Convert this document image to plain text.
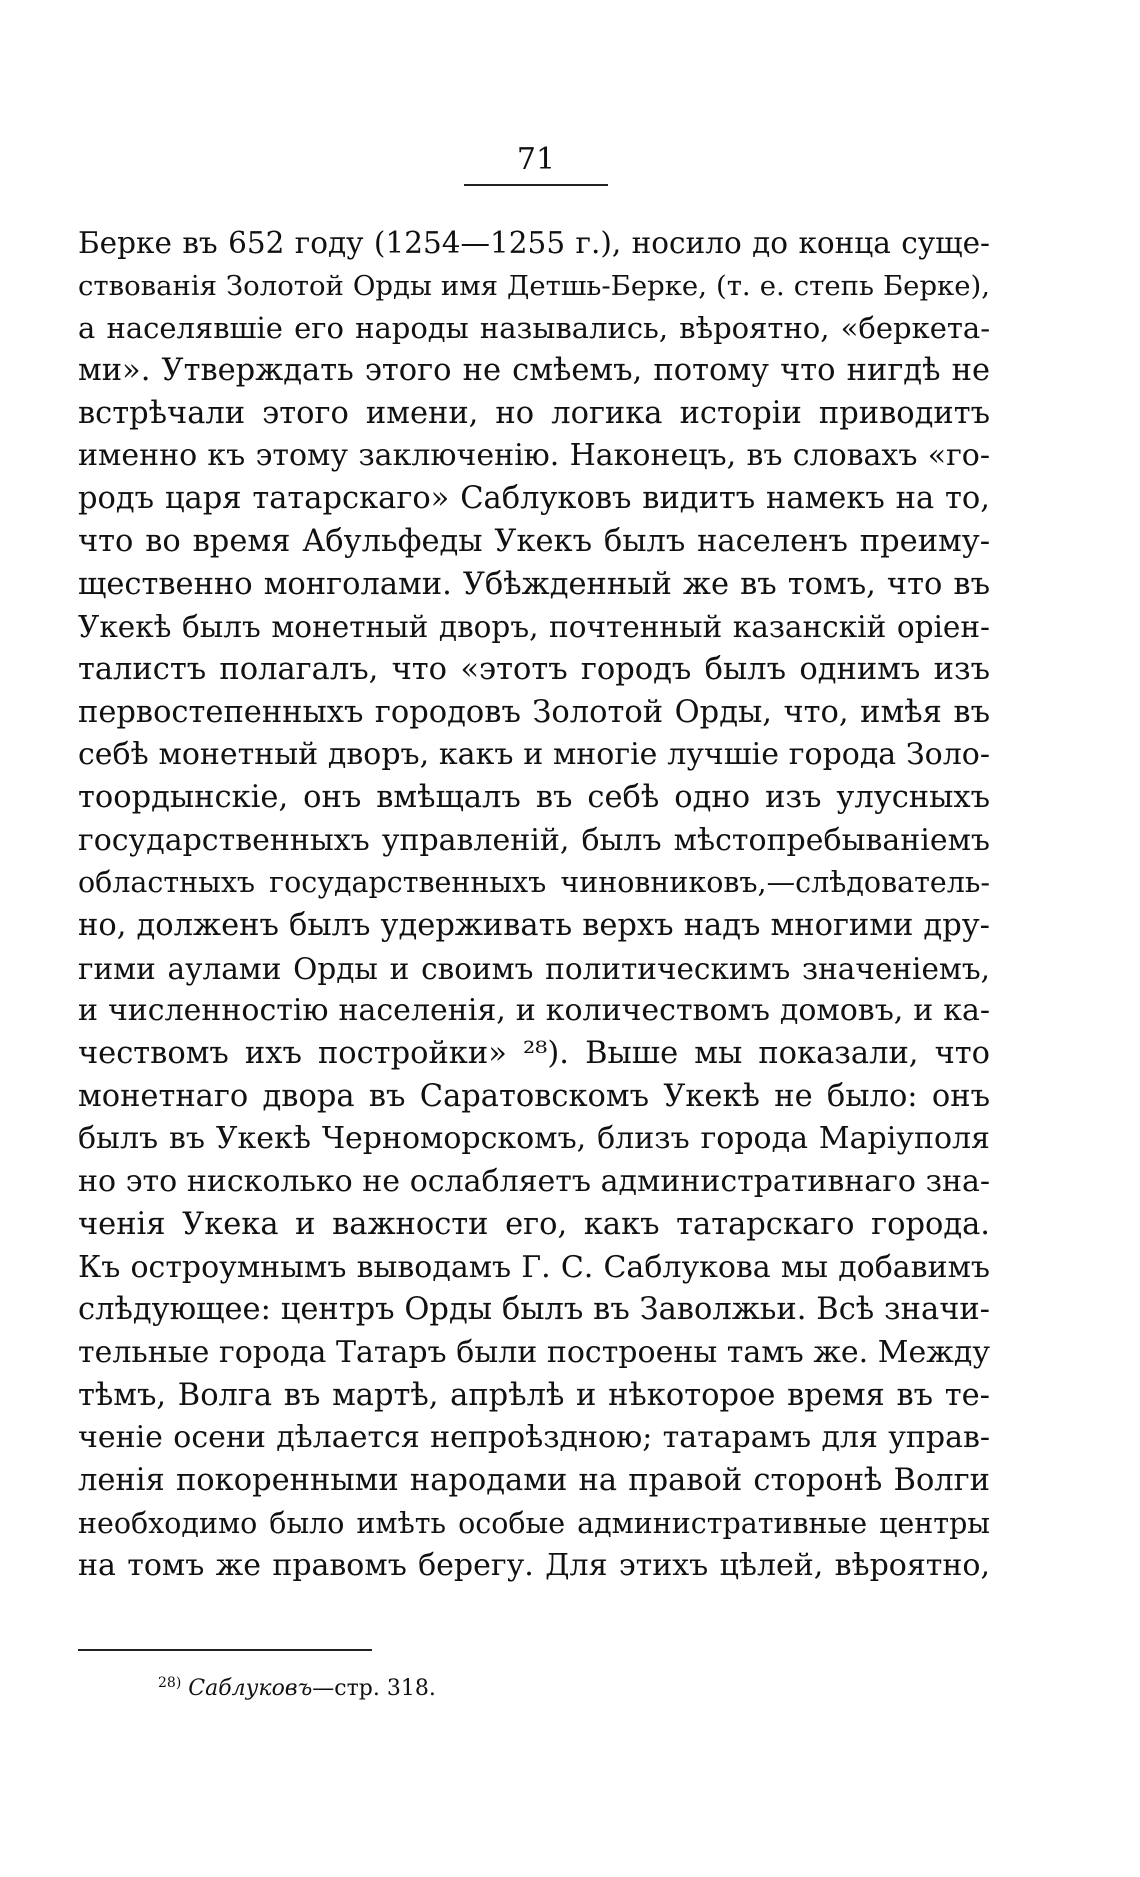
71
Берке въ 652 году (1254—1255 г.), носило до конца суще-
ствованія Золотой Орды имя Детшь-Берке, (т. е. степь Берке),
а населявшіе его народы назывались, вѣроятно, «беркета-
ми». Утверждать этого не смѣемъ, потому что нигдѣ не
встрѣчали этого имени, но логика исторіи приводитъ
именно къ этому заключенію. Наконецъ, въ словахъ «го-
родъ царя татарскаго» Саблуковъ видитъ намекъ на то,
что во время Абульфеды Укекъ былъ населенъ преиму-
щественно монголами. Убѣжденный же въ томъ, что въ
Укекѣ былъ монетный дворъ, почтенный казанскій оріен-
талистъ полагалъ, что «этотъ городъ былъ однимъ изъ
первостепенныхъ городовъ Золотой Орды, что, имѣя въ
себѣ монетный дворъ, какъ и многіе лучшіе города Золо-
тоордынскіе, онъ вмѣщалъ въ себѣ одно изъ улусныхъ
государственныхъ управленій, былъ мѣстопребываніемъ
областныхъ государственныхъ чиновниковъ,—слѣдователь-
но, долженъ былъ удерживать верхъ надъ многими дру-
гими аулами Орды и своимъ политическимъ значеніемъ,
и численностію населенія, и количествомъ домовъ, и ка-
чествомъ ихъ постройки» ²⁸). Выше мы показали, что
монетнаго двора въ Саратовскомъ Укекѣ не было: онъ
былъ въ Укекѣ Черноморскомъ, близъ города Маріуполя
но это нисколько не ослабляетъ административнаго зна-
ченія Укека и важности его, какъ татарскаго города.
Къ остроумнымъ выводамъ Г. С. Саблукова мы добавимъ
слѣдующее: центръ Орды былъ въ Заволжьи. Всѣ значи-
тельные города Татаръ были построены тамъ же. Между
тѣмъ, Волга въ мартѣ, апрѣлѣ и нѣкоторое время въ те-
ченіе осени дѣлается непроѣздною; татарамъ для управ-
ленія покоренными народами на правой сторонѣ Волги
необходимо было имѣть особые административные центры
на томъ же правомъ берегу. Для этихъ цѣлей, вѣроятно,
$^{28)}$ Саблуковъ—стр. 318.
